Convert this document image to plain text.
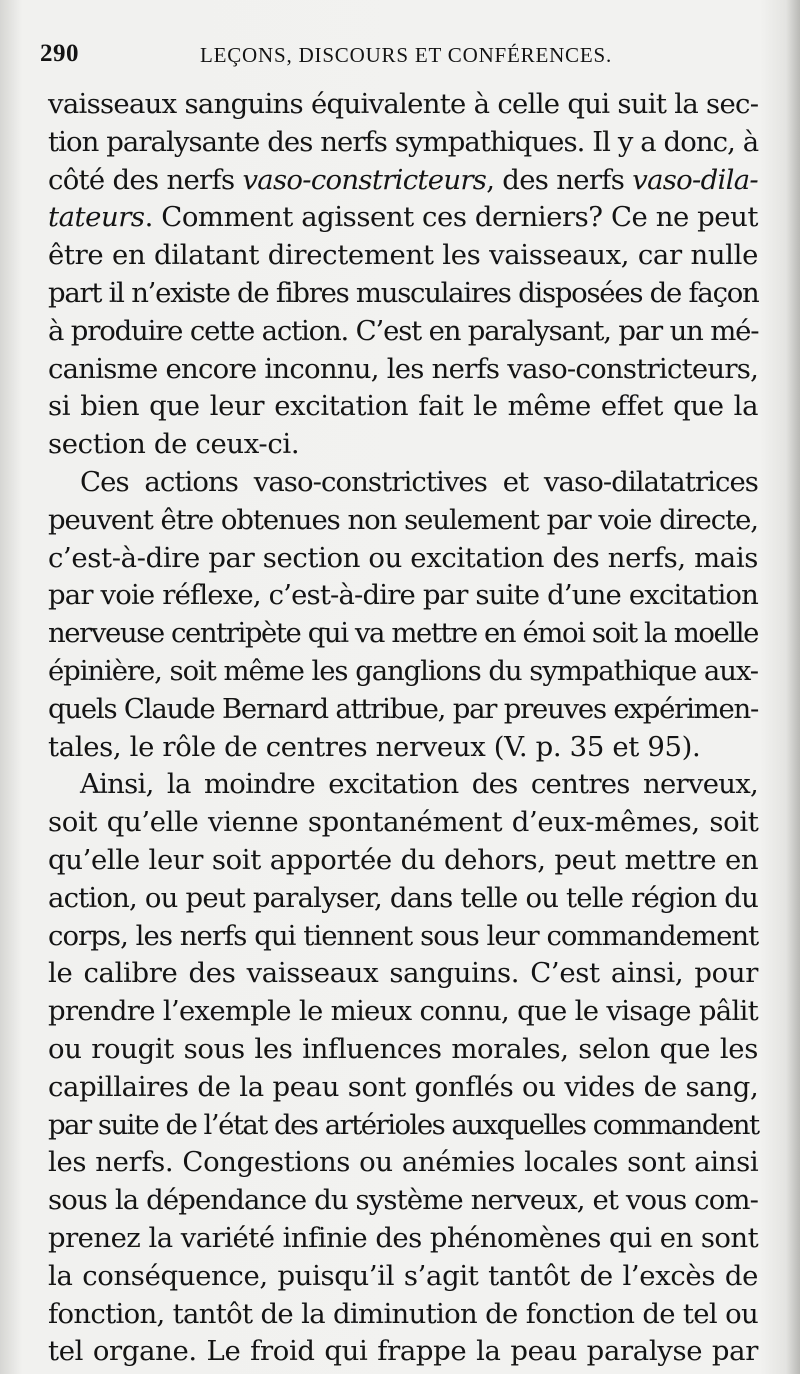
290	LEÇONS, DISCOURS ET CONFÉRENCES.
vaisseaux sanguins équivalente à celle qui suit la sec-
tion paralysante des nerfs sympathiques. Il y a donc, à
côté des nerfs vaso-constricteurs, des nerfs vaso-dila-
tateurs. Comment agissent ces derniers? Ce ne peut
être en dilatant directement les vaisseaux, car nulle
part il n’existe de fibres musculaires disposées de façon
à produire cette action. C’est en paralysant, par un mé-
canisme encore inconnu, les nerfs vaso-constricteurs,
si bien que leur excitation fait le même effet que la
section de ceux-ci.
Ces actions vaso-constrictives et vaso-dilatatrices
peuvent être obtenues non seulement par voie directe,
c’est-à-dire par section ou excitation des nerfs, mais
par voie réflexe, c’est-à-dire par suite d’une excitation
nerveuse centripète qui va mettre en émoi soit la moelle
épinière, soit même les ganglions du sympathique aux-
quels Claude Bernard attribue, par preuves expérimen-
tales, le rôle de centres nerveux (V. p. 35 et 95).
Ainsi, la moindre excitation des centres nerveux,
soit qu’elle vienne spontanément d’eux-mêmes, soit
qu’elle leur soit apportée du dehors, peut mettre en
action, ou peut paralyser, dans telle ou telle région du
corps, les nerfs qui tiennent sous leur commandement
le calibre des vaisseaux sanguins. C’est ainsi, pour
prendre l’exemple le mieux connu, que le visage pâlit
ou rougit sous les influences morales, selon que les
capillaires de la peau sont gonflés ou vides de sang,
par suite de l’état des artérioles auxquelles commandent
les nerfs. Congestions ou anémies locales sont ainsi
sous la dépendance du système nerveux, et vous com-
prenez la variété infinie des phénomènes qui en sont
la conséquence, puisqu’il s’agit tantôt de l’excès de
fonction, tantôt de la diminution de fonction de tel ou
tel organe. Le froid qui frappe la peau paralyse par
